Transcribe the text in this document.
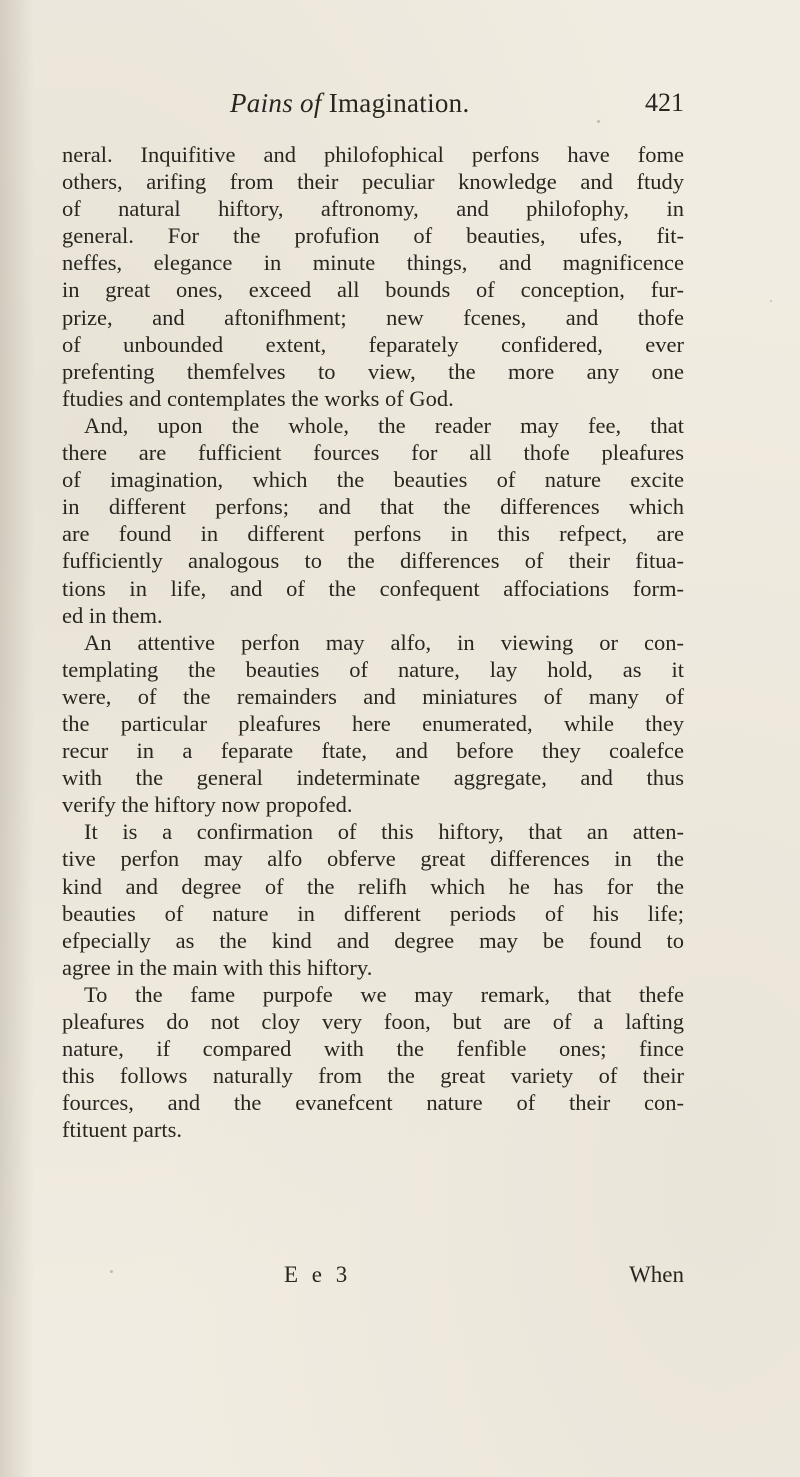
Pains of Imagination.	421
neral. Inquifitive and philofophical perfons have fome
others, arifing from their peculiar knowledge and ftudy
of natural hiftory, aftronomy, and philofophy, in
general. For the profufion of beauties, ufes, fit-
neffes, elegance in minute things, and magnificence
in great ones, exceed all bounds of conception, fur-
prize, and aftonifhment; new fcenes, and thofe
of unbounded extent, feparately confidered, ever
prefenting themfelves to view, the more any one
ftudies and contemplates the works of God.
And, upon the whole, the reader may fee, that
there are fufficient fources for all thofe pleafures
of imagination, which the beauties of nature excite
in different perfons; and that the differences which
are found in different perfons in this refpect, are
fufficiently analogous to the differences of their fitua-
tions in life, and of the confequent affociations form-
ed in them.
An attentive perfon may alfo, in viewing or con-
templating the beauties of nature, lay hold, as it
were, of the remainders and miniatures of many of
the particular pleafures here enumerated, while they
recur in a feparate ftate, and before they coalefce
with the general indeterminate aggregate, and thus
verify the hiftory now propofed.
It is a confirmation of this hiftory, that an atten-
tive perfon may alfo obferve great differences in the
kind and degree of the relifh which he has for the
beauties of nature in different periods of his life;
efpecially as the kind and degree may be found to
agree in the main with this hiftory.
To the fame purpofe we may remark, that thefe
pleafures do not cloy very foon, but are of a lafting
nature, if compared with the fenfible ones; fince
this follows naturally from the great variety of their
fources, and the evanefcent nature of their con-
ftituent parts.
E e 3	When
